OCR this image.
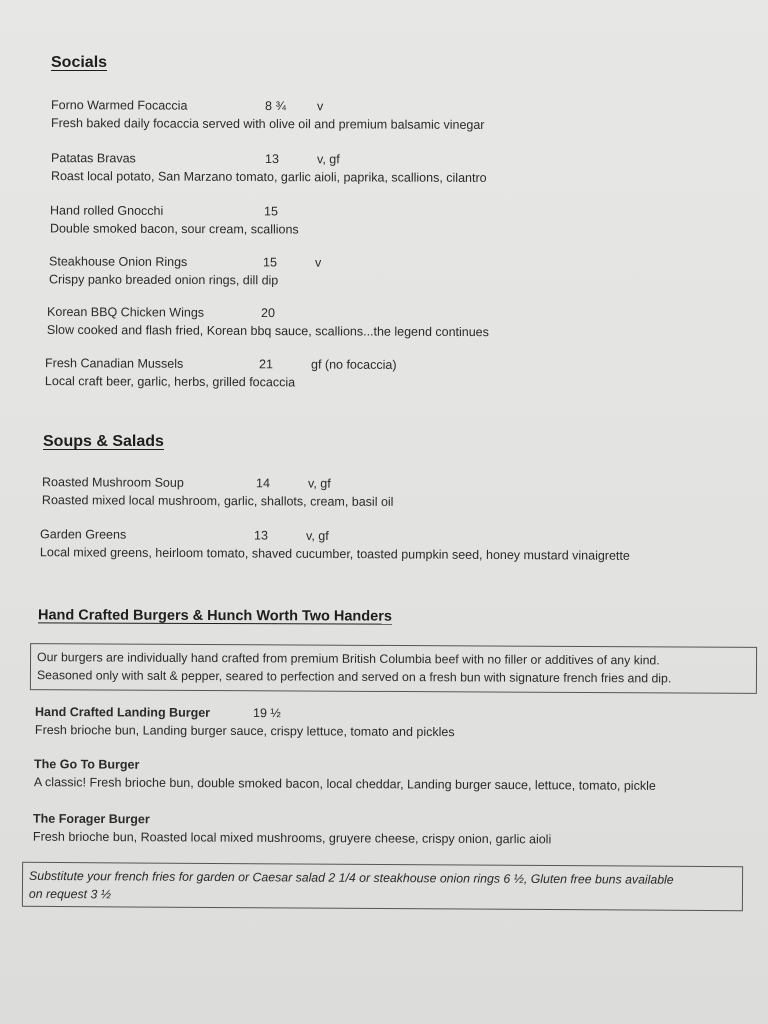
Socials
Forno Warmed Focaccia	8 ¾	v
Fresh baked daily focaccia served with olive oil and premium balsamic vinegar
Patatas Bravas	13	v, gf
Roast local potato, San Marzano tomato, garlic aioli, paprika, scallions, cilantro
Hand rolled Gnocchi	15
Double smoked bacon, sour cream, scallions
Steakhouse Onion Rings	15	v
Crispy panko breaded onion rings, dill dip
Korean BBQ Chicken Wings	20
Slow cooked and flash fried, Korean bbq sauce, scallions...the legend continues
Fresh Canadian Mussels	21	gf (no focaccia)
Local craft beer, garlic, herbs, grilled focaccia
Soups & Salads
Roasted Mushroom Soup	14	v, gf
Roasted mixed local mushroom, garlic, shallots, cream, basil oil
Garden Greens	13	v, gf
Local mixed greens, heirloom tomato, shaved cucumber, toasted pumpkin seed, honey mustard vinaigrette
Hand Crafted Burgers & Hunch Worth Two Handers
Our burgers are individually hand crafted from premium British Columbia beef with no filler or additives of any kind.
Seasoned only with salt & pepper, seared to perfection and served on a fresh bun with signature french fries and dip.
Hand Crafted Landing Burger	19 ½
Fresh brioche bun, Landing burger sauce, crispy lettuce, tomato and pickles
The Go To Burger
A classic! Fresh brioche bun, double smoked bacon, local cheddar, Landing burger sauce, lettuce, tomato, pickle
The Forager Burger
Fresh brioche bun, Roasted local mixed mushrooms, gruyere cheese, crispy onion, garlic aioli
Substitute your french fries for garden or Caesar salad 2 1/4 or steakhouse onion rings 6 ½, Gluten free buns available
on request 3 ½
